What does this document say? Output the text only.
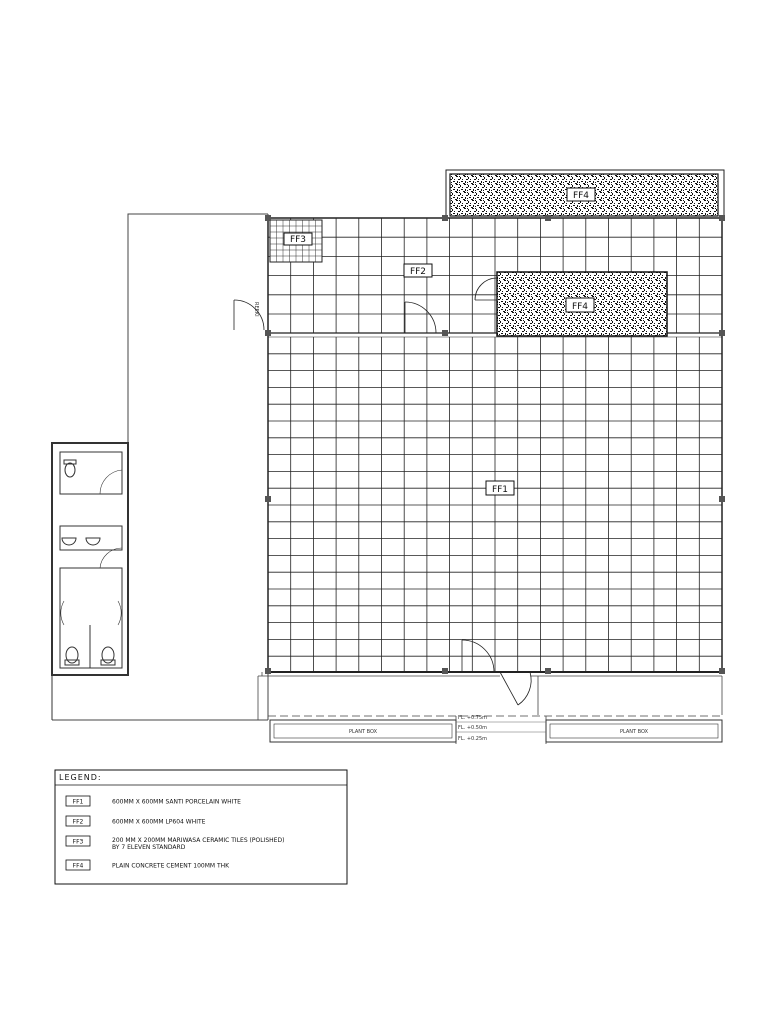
FF4
FF3
FF2
FF4
FF1
REEKI
PLANT BOX	PLANT BOX
FL. +0.75m
FL. +0.50m
FL. +0.25m
LEGEND:
FF1	600MM X 600MM SANTI PORCELAIN WHITE
FF2	600MM X 600MM LP604 WHITE
FF3	200 MM X 200MM MARIWASA CERAMIC TILES (POLISHED)
BY 7 ELEVEN STANDARD
FF4	PLAIN CONCRETE CEMENT 100MM THK
